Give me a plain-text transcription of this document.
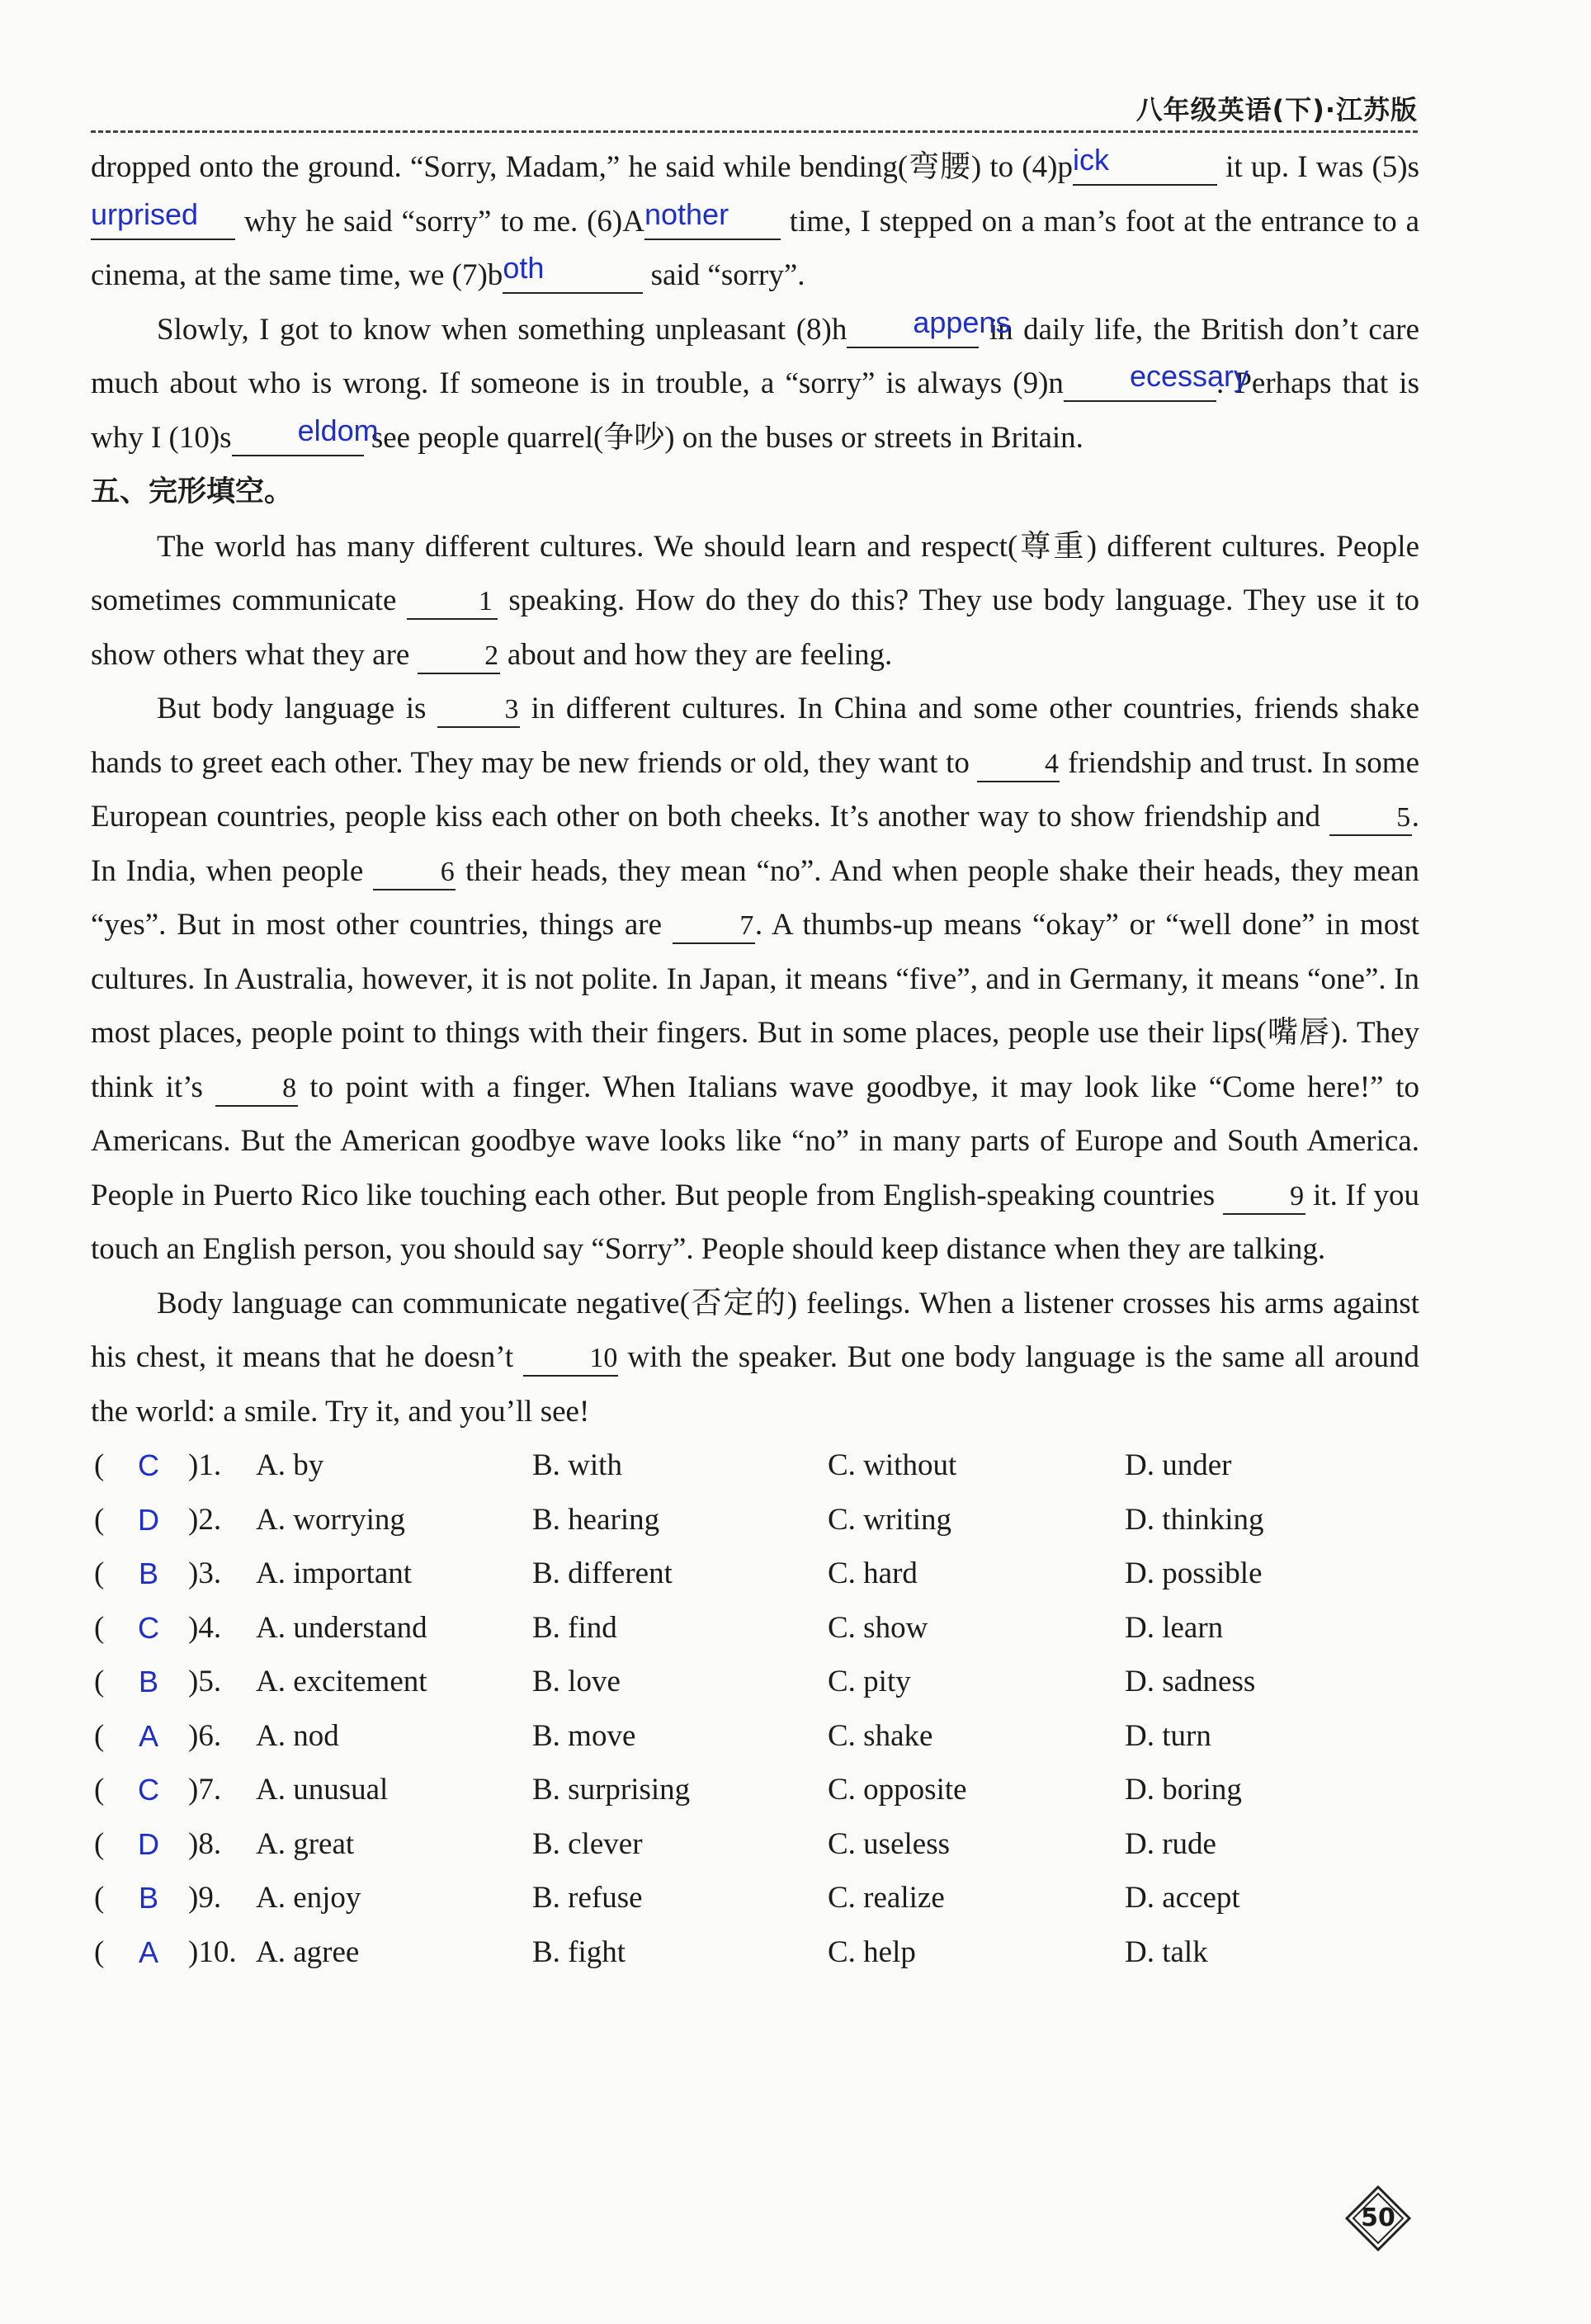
八年级英语(下)·江苏版

dropped onto the ground. “Sorry, Madam,” he said while bending(弯腰) to (4)pick	it up. I was (5)surprised why he said “sorry” to me. (6)Another time, I stepped on a man’s foot at the entrance to a cinema, at the same time, we (7)both	said “sorry”.

Slowly, I got to know when something unpleasant (8)h appens in daily life, the British don’t care much about who is wrong. If someone is in trouble, a “sorry” is always (9)n ecessary. Perhaps that is why I (10)s eldom see people quarrel(争吵) on the buses or streets in Britain.

五、完形填空。

The world has many different cultures. We should learn and respect(尊重) different cultures. People sometimes communicate	1 speaking. How do they do this? They use body language. They use it to show others what they are 2 about and how they are feeling.

But body language is 3 in different cultures. In China and some other countries, friends shake hands to greet each other. They may be new friends or old, they want to 4 friendship and trust. In some European countries, people kiss each other on both cheeks. It’s another way to show friendship and 5. In India, when people 6 their heads, they mean “no”. And when people shake their heads, they mean “yes”. But in most other countries, things are 7. A thumbs-up means “okay” or “well done” in most cultures. In Australia, however, it is not polite. In Japan, it means “five”, and in Germany, it means “one”. In most places, people point to things with their fingers. But in some places, people use their lips(嘴唇). They think it’s 8 to point with a finger. When Italians wave goodbye, it may look like “Come here!” to Americans. But the American goodbye wave looks like “no” in many parts of Europe and South America. People in Puerto Rico like touching each other. But people from English-speaking countries 9 it. If you touch an English person, you should say “Sorry”. People should keep distance when they are talking.

Body language can communicate negative(否定的) feelings. When a listener crosses his arms against his chest, it means that he doesn’t 10 with the speaker. But one body language is the same all around the world: a smile. Try it, and you’ll see!

(	C )1. A. by	B. with	C. without	D. under
(	D )2. A. worrying	B. hearing	C. writing	D. thinking
(	B )3. A. important	B. different	C. hard	D. possible
(	C )4. A. understand	B. find	C. show	D. learn
(	B )5. A. excitement	B. love	C. pity	D. sadness
(	A )6. A. nod	B. move	C. shake	D. turn
(	C )7. A. unusual	B. surprising	C. opposite	D. boring
(	D )8. A. great	B. clever	C. useless	D. rude
(	B )9. A. enjoy	B. refuse	C. realize	D. accept
(	A )10. A. agree	B. fight	C. help	D. talk
50
